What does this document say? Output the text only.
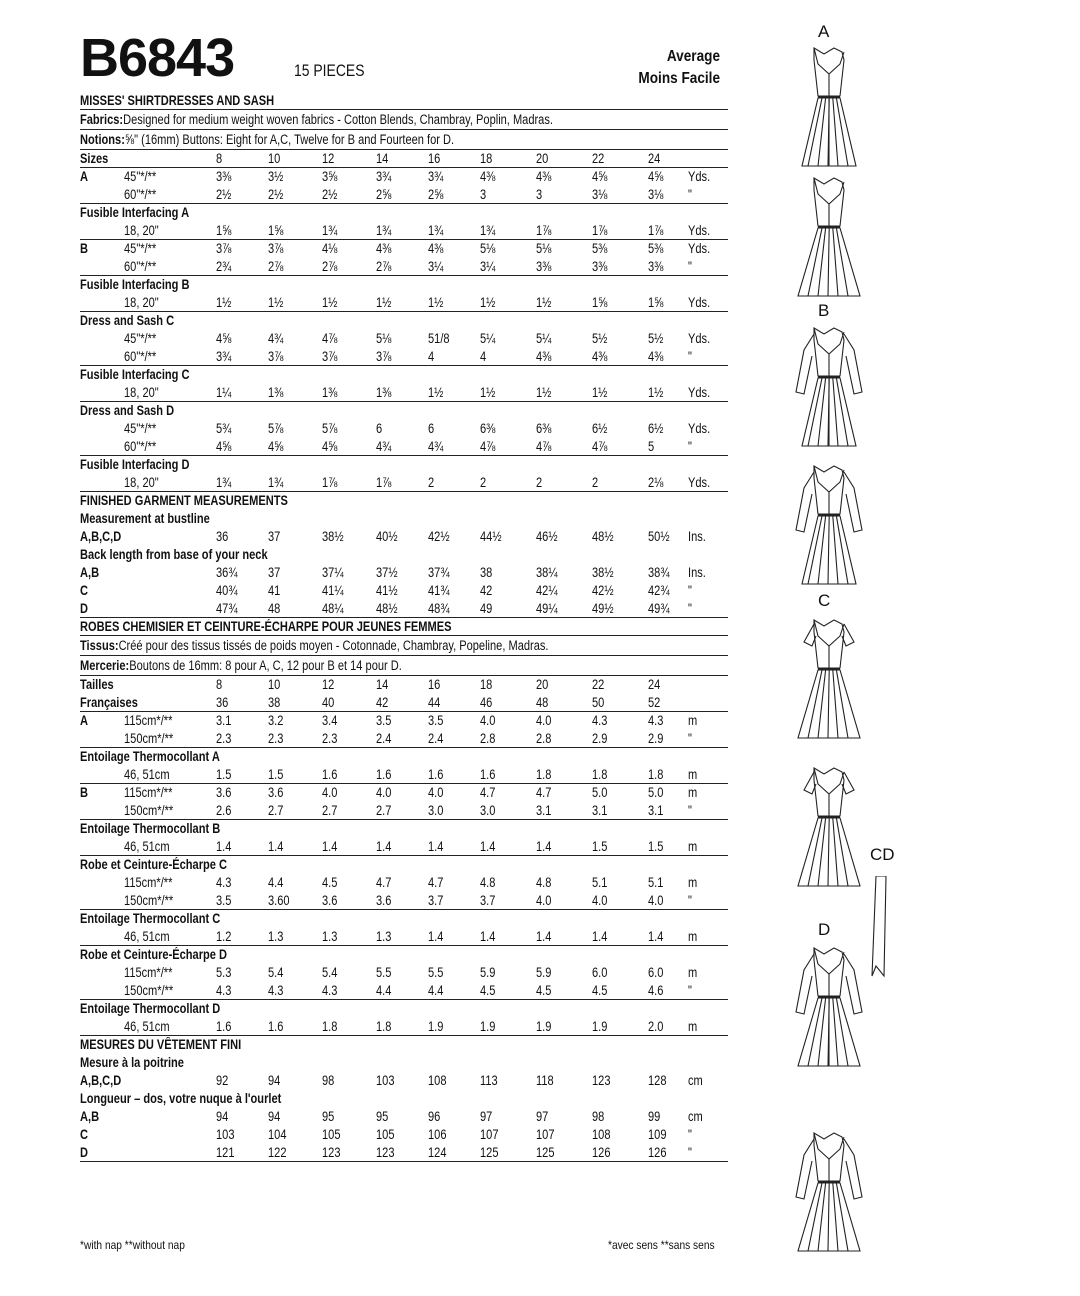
B6843	15 PIECES
Average
Moins Facile
MISSES' SHIRTDRESSES AND SASH
Fabrics:Designed for medium weight woven fabrics - Cotton Blends, Chambray, Poplin, Madras.
Notions:⅝" (16mm) Buttons: Eight for A,C, Twelve for B and Fourteen for D.
Sizes	8	10	12	14	16	18	20	22	24
A	45"*/**	3⅜	3½	3⅝	3¾	3¾	4⅜	4⅜	4⅝	4⅝ Yds.
60"*/**	2½	2½	2½	2⅝	2⅝	3	3	3⅛	3⅛ "
Fusible Interfacing A
18, 20"	1⅝	1⅝	1¾	1¾	1¾	1¾	1⅞	1⅞	1⅞ Yds.
B	45"*/**	3⅞	3⅞	4⅛	4⅜	4⅜	5⅛	5⅛	5⅜	5⅜ Yds.
60"*/**	2¾	2⅞	2⅞	2⅞	3¼	3¼	3⅜	3⅜	3⅜ "
Fusible Interfacing B
18, 20"	1½	1½	1½	1½	1½	1½	1½	1⅝	1⅝ Yds.
Dress and Sash C
45"*/**	4⅝	4¾	4⅞	5⅛	51/8 5¼	5¼	5½	5½ Yds.
60"*/**	3¾	3⅞	3⅞	3⅞	4	4	4⅜	4⅜	4⅜ "
Fusible Interfacing C
18, 20"	1¼	1⅜	1⅜	1⅜	1½	1½	1½	1½	1½ Yds.
Dress and Sash D
45"*/**	5¾	5⅞	5⅞	6	6	6⅜	6⅜	6½	6½ Yds.
60"*/**	4⅝	4⅝	4⅝	4¾	4¾	4⅞	4⅞	4⅞	5	"
Fusible Interfacing D
18, 20"	1¾	1¾	1⅞	1⅞	2	2	2	2	2⅛ Yds.
FINISHED GARMENT MEASUREMENTS
Measurement at bustline
A,B,C,D	36	37	38½ 40½ 42½ 44½	46½	48½	50½ Ins.
Back length from base of your neck
A,B	36¾ 37	37¼ 37½ 37¾ 38	38¼	38½	38¾ Ins.
C	40¾ 41	41¼ 41½ 41¾ 42	42¼	42½	42¾ "
D	47¾ 48	48¼ 48½ 48¾ 49	49¼	49½	49¾ "
ROBES CHEMISIER ET CEINTURE-ÉCHARPE POUR JEUNES FEMMES
Tissus:Créé pour des tissus tissés de poids moyen - Cotonnade, Chambray, Popeline, Madras.
Mercerie:Boutons de 16mm: 8 pour A, C, 12 pour B et 14 pour D.
Tailles	8	10	12	14	16	18	20	22	24
Françaises	36	38	40	42	44	46	48	50	52
A	115cm*/**	3.1	3.2	3.4	3.5	3.5	4.0	4.0	4.3	4.3 m
150cm*/**	2.3	2.3	2.3	2.4	2.4	2.8	2.8	2.9	2.9 "
Entoilage Thermocollant A
46, 51cm	1.5	1.5	1.6	1.6	1.6	1.6	1.8	1.8	1.8 m
B	115cm*/**	3.6	3.6	4.0	4.0	4.0	4.7	4.7	5.0	5.0 m
150cm*/**	2.6	2.7	2.7	2.7	3.0	3.0	3.1	3.1	3.1 "
Entoilage Thermocollant B
46, 51cm	1.4	1.4	1.4	1.4	1.4	1.4	1.4	1.5	1.5 m
Robe et Ceinture-Écharpe C
115cm*/**	4.3	4.4	4.5	4.7	4.7	4.8	4.8	5.1	5.1 m
150cm*/**	3.5	3.60 3.6	3.6	3.7	3.7	4.0	4.0	4.0 "
Entoilage Thermocollant C
46, 51cm	1.2	1.3	1.3	1.3	1.4	1.4	1.4	1.4	1.4 m
Robe et Ceinture-Écharpe D
115cm*/**	5.3	5.4	5.4	5.5	5.5	5.9	5.9	6.0	6.0 m
150cm*/**	4.3	4.3	4.3	4.4	4.4	4.5	4.5	4.5	4.6 "
Entoilage Thermocollant D
46, 51cm	1.6	1.6	1.8	1.8	1.9	1.9	1.9	1.9	2.0 m
MESURES DU VÊTEMENT FINI
Mesure à la poitrine
A,B,C,D	92	94	98	103 108 113	118	123	128 cm
Longueur – dos, votre nuque à l'ourlet
A,B	94	94	95	95	96	97	97	98	99 cm
C	103 104	105	105 106 107	107	108	109 "
D	121 122	123	123 124 125	125	126	126 "
*with nap **without nap	*avec sens **sans sens
A
B
C
CD
D
